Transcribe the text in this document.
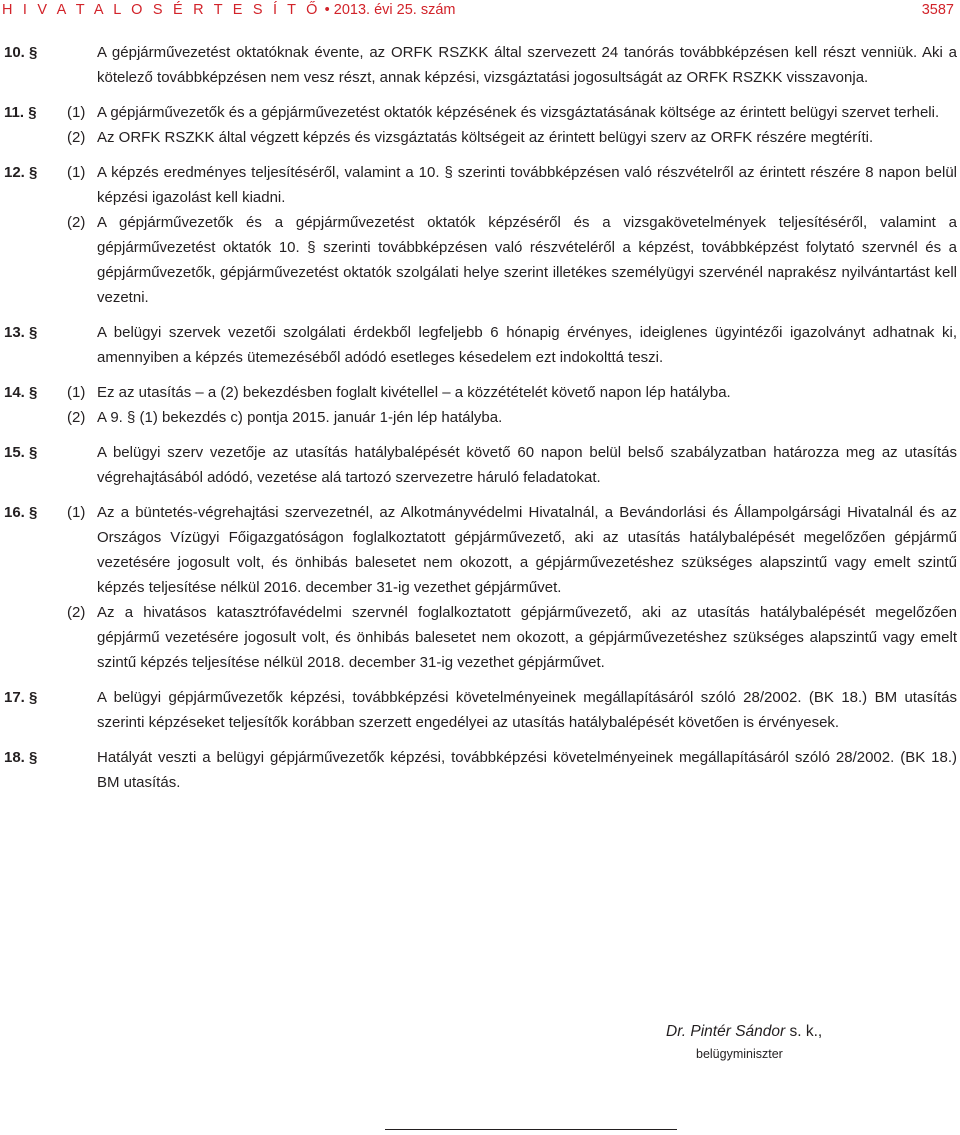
H I V A T A L O S É R T E S Í T Ő • 2013. évi 25. szám	3587
10. §	A gépjárművezetést oktatóknak évente, az ORFK RSZKK által szervezett 24 tanórás továbbképzésen kell részt venniük. Aki a kötelező továbbképzésen nem vesz részt, annak képzési, vizsgáztatási jogosultságát az ORFK RSZKK visszavonja.
11. § (1) A gépjárművezetők és a gépjárművezetést oktatók képzésének és vizsgáztatásának költsége az érintett belügyi szervet terheli.
(2) Az ORFK RSZKK által végzett képzés és vizsgáztatás költségeit az érintett belügyi szerv az ORFK részére megtéríti.
12. § (1) A képzés eredményes teljesítéséről, valamint a 10. § szerinti továbbképzésen való részvételről az érintett részére 8 napon belül képzési igazolást kell kiadni.
(2) A gépjárművezetők és a gépjárművezetést oktatók képzéséről és a vizsgakövetelmények teljesítéséről, valamint a gépjárművezetést oktatók 10. § szerinti továbbképzésen való részvételéről a képzést, továbbképzést folytató szervnél és a gépjárművezetők, gépjárművezetést oktatók szolgálati helye szerint illetékes személyügyi szervénél naprakész nyilvántartást kell vezetni.
13. §	A belügyi szervek vezetői szolgálati érdekből legfeljebb 6 hónapig érvényes, ideiglenes ügyintézői igazolványt adhatnak ki, amennyiben a képzés ütemezéséből adódó esetleges késedelem ezt indokolttá teszi.
14. § (1) Ez az utasítás – a (2) bekezdésben foglalt kivétellel – a közzétételét követő napon lép hatályba.
(2) A 9. § (1) bekezdés c) pontja 2015. január 1-jén lép hatályba.
15. §	A belügyi szerv vezetője az utasítás hatálybalépését követő 60 napon belül belső szabályzatban határozza meg az utasítás végrehajtásából adódó, vezetése alá tartozó szervezetre háruló feladatokat.
16. § (1) Az a büntetés-végrehajtási szervezetnél, az Alkotmányvédelmi Hivatalnál, a Bevándorlási és Állampolgársági Hivatalnál és az Országos Vízügyi Főigazgatóságon foglalkoztatott gépjárművezető, aki az utasítás hatálybalépését megelőzően gépjármű vezetésére jogosult volt, és önhibás balesetet nem okozott, a gépjárművezetéshez szükséges alapszintű vagy emelt szintű képzés teljesítése nélkül 2016. december 31-ig vezethet gépjárművet.
(2) Az a hivatásos katasztrófavédelmi szervnél foglalkoztatott gépjárművezető, aki az utasítás hatálybalépését megelőzően gépjármű vezetésére jogosult volt, és önhibás balesetet nem okozott, a gépjárművezetéshez szükséges alapszintű vagy emelt szintű képzés teljesítése nélkül 2018. december 31-ig vezethet gépjárművet.
17. §	A belügyi gépjárművezetők képzési, továbbképzési követelményeinek megállapításáról szóló 28/2002. (BK 18.) BM utasítás szerinti képzéseket teljesítők korábban szerzett engedélyei az utasítás hatálybalépését követően is érvényesek.
18. §	Hatályát veszti a belügyi gépjárművezetők képzési, továbbképzési követelményeinek megállapításáról szóló 28/2002. (BK 18.) BM utasítás.
Dr. Pintér Sándor s. k.,
belügyminiszter
